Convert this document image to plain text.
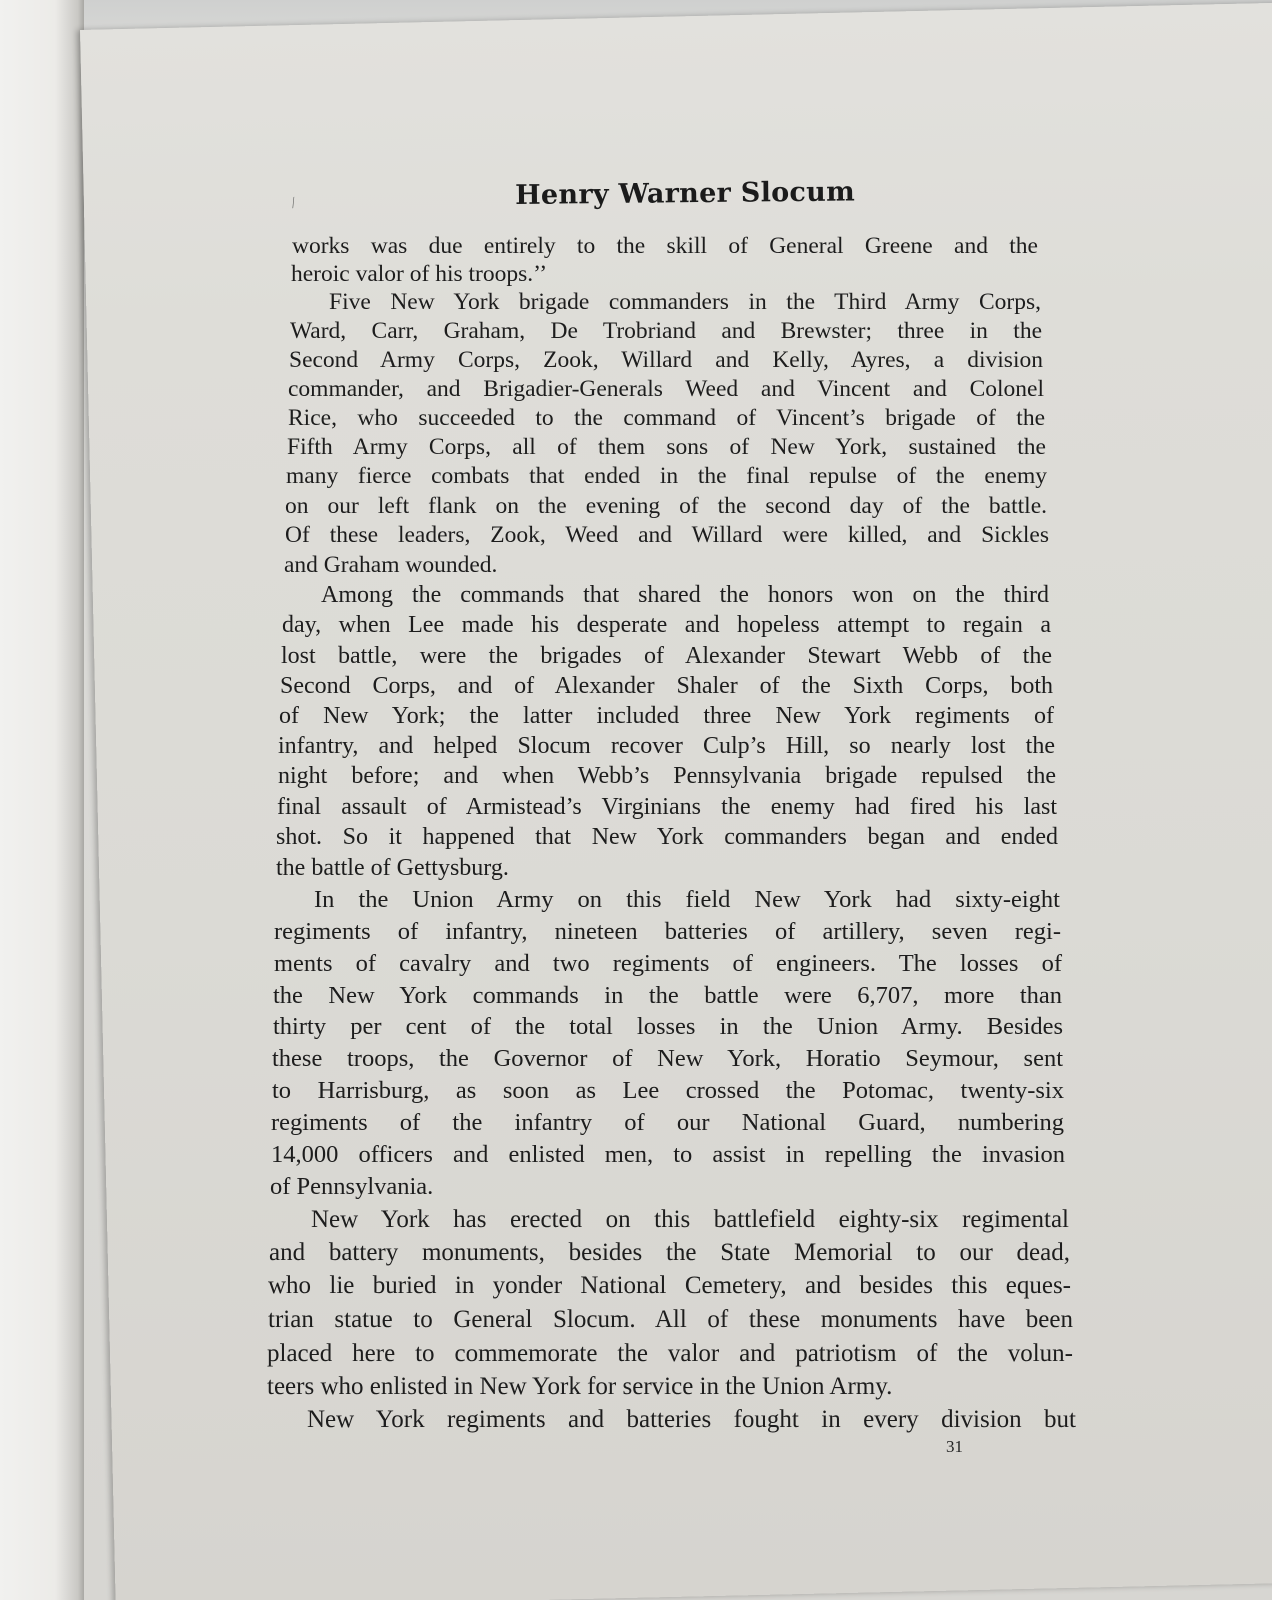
⁄	Henry Warner Slocum
works was due entirely to the skill of General Greene and the
heroic valor of his troops.’’
Five New York brigade commanders in the Third Army Corps,
Ward, Carr, Graham, De Trobriand and Brewster; three in the
Second Army Corps, Zook, Willard and Kelly, Ayres, a division
commander, and Brigadier-Generals Weed and Vincent and Colonel
Rice, who succeeded to the command of Vincent’s brigade of the
Fifth Army Corps, all of them sons of New York, sustained the
many fierce combats that ended in the final repulse of the enemy
on our left flank on the evening of the second day of the battle.
Of these leaders, Zook, Weed and Willard were killed, and Sickles
and Graham wounded.
Among the commands that shared the honors won on the third
day, when Lee made his desperate and hopeless attempt to regain a
lost battle, were the brigades of Alexander Stewart Webb of the
Second Corps, and of Alexander Shaler of the Sixth Corps, both
of New York; the latter included three New York regiments of
infantry, and helped Slocum recover Culp’s Hill, so nearly lost the
night before; and when Webb’s Pennsylvania brigade repulsed the
final assault of Armistead’s Virginians the enemy had fired his last
shot. So it happened that New York commanders began and ended
the battle of Gettysburg.
In the Union Army on this field New York had sixty-eight
regiments of infantry, nineteen batteries of artillery, seven regi-
ments of cavalry and two regiments of engineers. The losses of
the New York commands in the battle were 6,707, more than
thirty per cent of the total losses in the Union Army. Besides
these troops, the Governor of New York, Horatio Seymour, sent
to Harrisburg, as soon as Lee crossed the Potomac, twenty-six
regiments of the infantry of our National Guard, numbering
14,000 officers and enlisted men, to assist in repelling the invasion
of Pennsylvania.
New York has erected on this battlefield eighty-six regimental
and battery monuments, besides the State Memorial to our dead,
who lie buried in yonder National Cemetery, and besides this eques-
trian statue to General Slocum. All of these monuments have been
placed here to commemorate the valor and patriotism of the volun-
teers who enlisted in New York for service in the Union Army.
New York regiments and batteries fought in every division but
31
